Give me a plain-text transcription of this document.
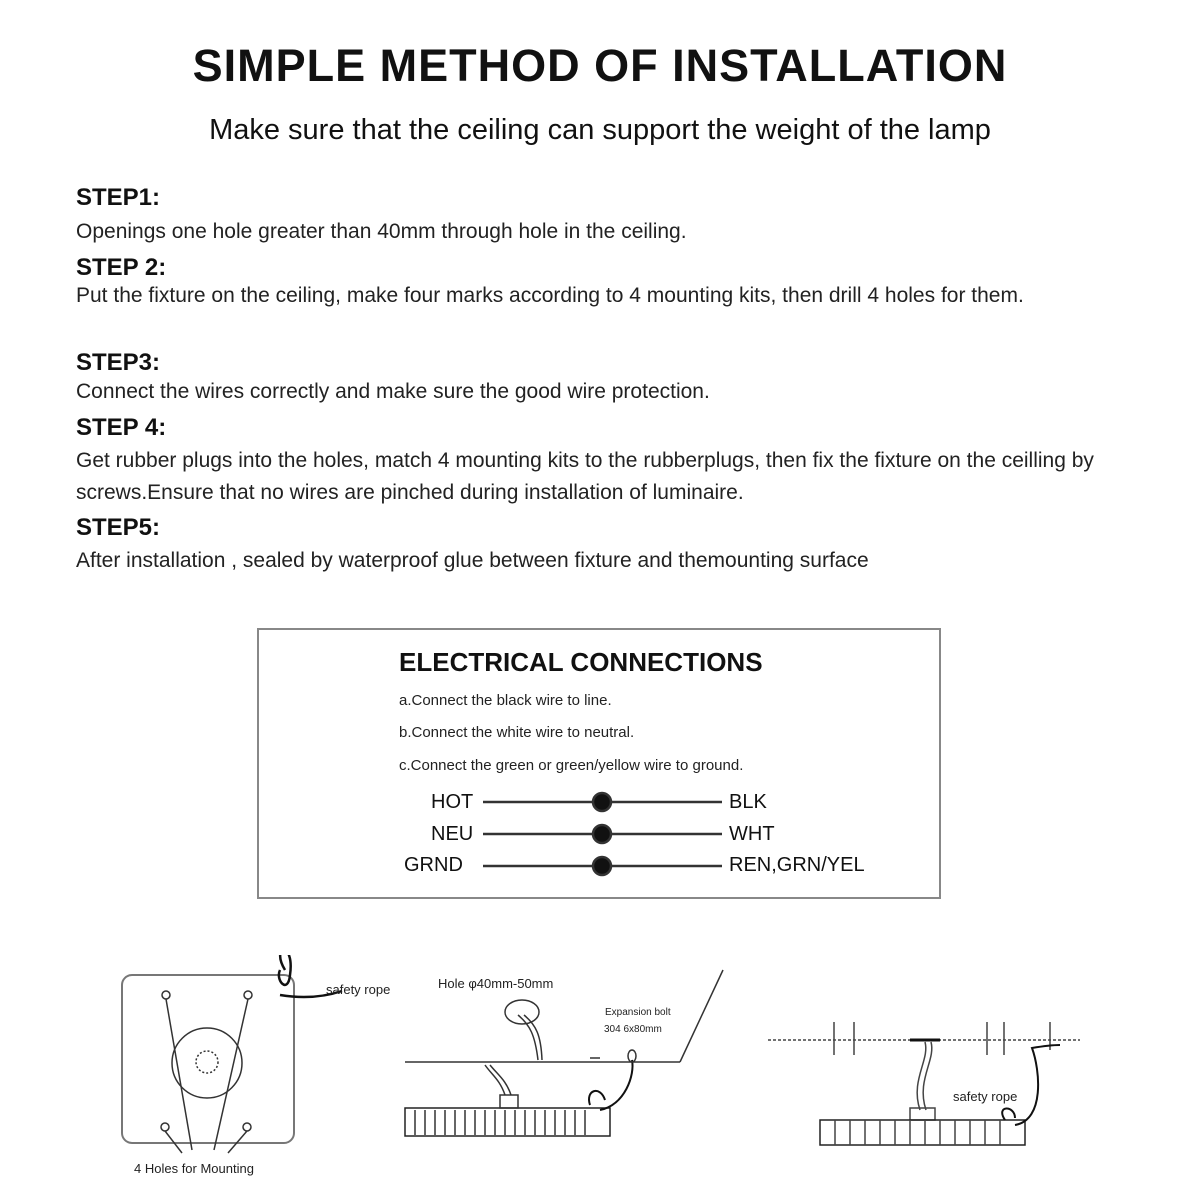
SIMPLE METHOD OF INSTALLATION
Make sure that the ceiling can support the weight of the lamp
STEP1:
Openings one hole greater than 40mm through hole in the ceiling.
STEP 2:
Put the fixture on the ceiling, make four marks according to 4 mounting kits, then drill 4 holes for them.
STEP3:
Connect the wires correctly and make sure the good wire protection.
STEP 4:
Get rubber plugs into the holes, match 4 mounting kits to the rubberplugs, then fix the fixture on the ceilling by screws.Ensure that no wires are pinched during installation of luminaire.
STEP5:
After installation , sealed by waterproof glue between fixture and themounting surface
ELECTRICAL CONNECTIONS
a.Connect the black wire to line.
b.Connect the white wire to neutral.
c.Connect the green or green/yellow wire to ground.
HOT	BLK
NEU	WHT
GRND	REN,GRN/YEL
safety rope
4 Holes for Mounting
Hole φ40mm-50mm
Expansion bolt
304 6x80mm
safety rope
